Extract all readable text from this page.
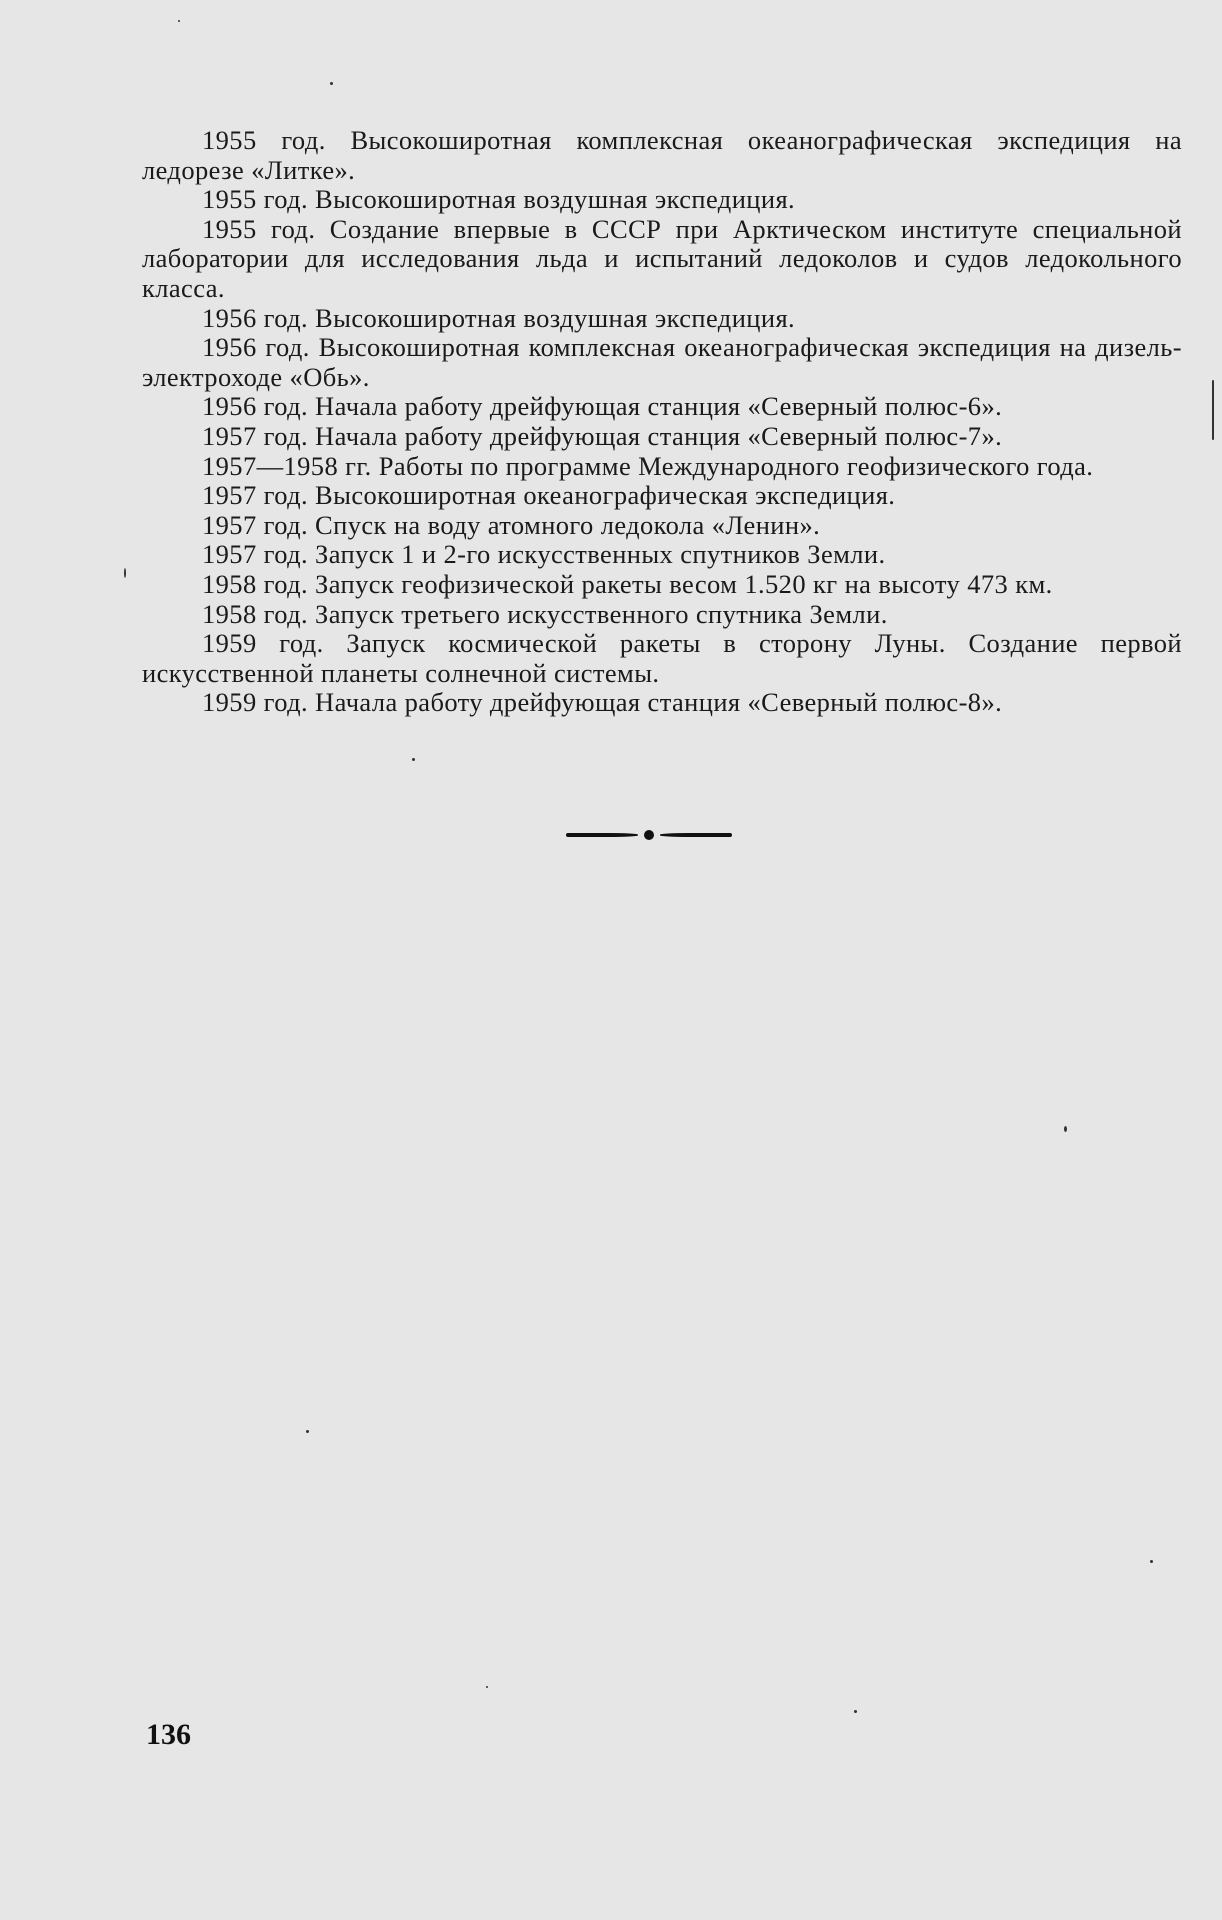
1955 год. Высокоширотная комплексная океанографическая экспедиция на ледорезе «Литке».

1955 год. Высокоширотная воздушная экспедиция.

1955 год. Создание впервые в СССР при Арктическом институте специальной лаборатории для исследования льда и испытаний ледоколов и судов ледокольного класса.

1956 год. Высокоширотная воздушная экспедиция.

1956 год. Высокоширотная комплексная океанографическая экспедиция на дизель-электроходе «Обь».

1956 год. Начала работу дрейфующая станция «Северный полюс-6».

1957 год. Начала работу дрейфующая станция «Северный полюс-7».

1957—1958 гг. Работы по программе Международного геофизического года.

1957 год. Высокоширотная океанографическая экспедиция.

1957 год. Спуск на воду атомного ледокола «Ленин».

1957 год. Запуск 1 и 2-го искусственных спутников Земли.

1958 год. Запуск геофизической ракеты весом 1.520 кг на высоту 473 км.

1958 год. Запуск третьего искусственного спутника Земли.

1959 год. Запуск космической ракеты в сторону Луны. Создание первой искусственной планеты солнечной системы.

1959 год. Начала работу дрейфующая станция «Северный полюс-8».

136
